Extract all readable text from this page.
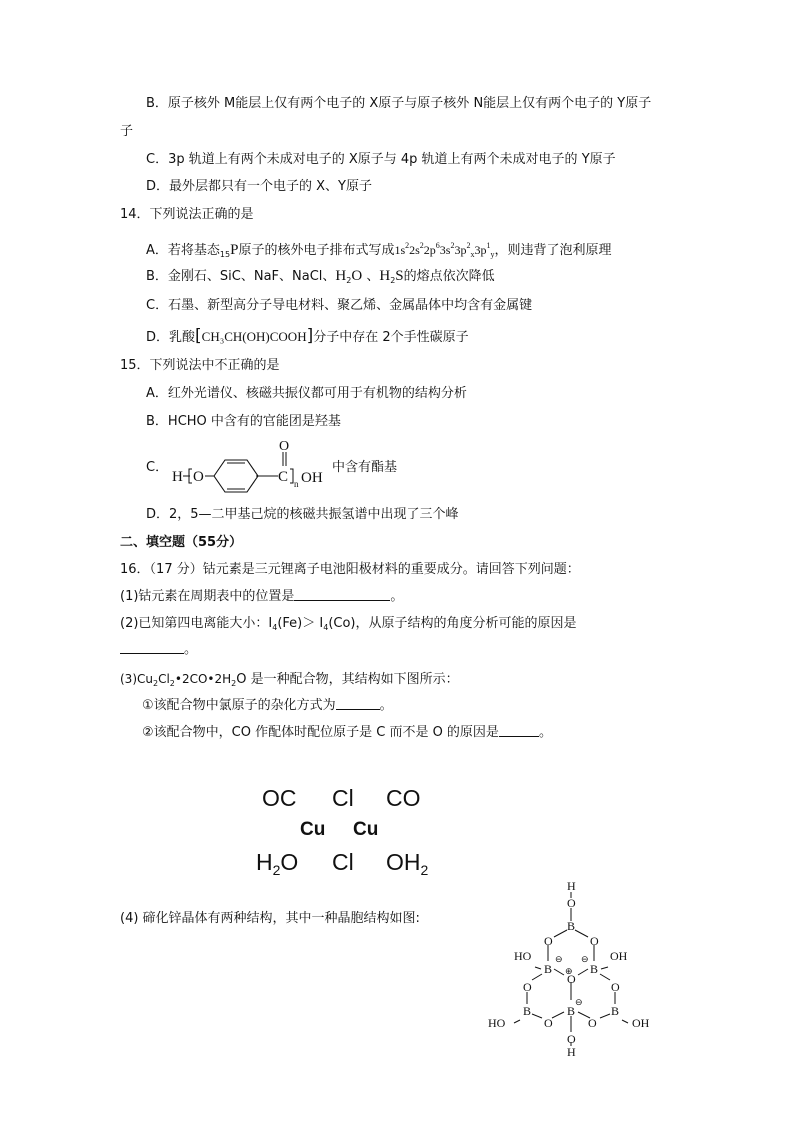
B．原子核外 M能层上仅有两个电子的 X原子与原子核外 N能层上仅有两个电子的 Y原子
子
C．3p 轨道上有两个未成对电子的 X原子与 4p 轨道上有两个未成对电子的 Y原子
D．最外层都只有一个电子的 X、Y原子
14．下列说法正确的是
A．若将基态$_{15}$P原子的核外电子排布式写成$1s^22s^22p^63s^23p^2_x3p^1_y$，则违背了泡利原理
B．金刚石、SiC、NaF、NaCl、$H_2O$ 、$H_2S$的熔点依次降低
C．石墨、新型高分子导电材料、聚乙烯、金属晶体中均含有金属键
D．乳酸[CH₃CH(OH)COOH]分子中存在 2个手性碳原子
15．下列说法中不正确的是
A．红外光谱仪、核磁共振仪都可用于有机物的结构分析
B．HCHO 中含有的官能团是羟基
C．
H O	C
O
n OH
中含有酯基
D．2，5—二甲基己烷的核磁共振氢谱中出现了三个峰
二、填空题（55分）
16．（17 分）钴元素是三元锂离子电池阳极材料的重要成分。请回答下列问题：
(1)钴元素在周期表中的位置是	。
(2)已知第四电离能大小：$I_4(Fe)> I_4(Co)$，从原子结构的角度分析可能的原因是
。
$(3)Cu_2Cl_2•2CO•2H_2O$ 是一种配合物，其结构如下图所示：
①该配合物中氯原子的杂化方式为	。
②该配合物中，CO 作配体时配位原子是 C 而不是 O 的原因是	。
OC Cl CO
Cu Cu
$H_2O$ Cl $OH_2$
(4) 碲化锌晶体有两种结构，其中一种晶胞结构如图:
H
O
B
O	O
HO	OH
B	B
O
O	O
B	B	B
O	O
HO	OH
O
H
⊖ ⊖
⊕
⊖
